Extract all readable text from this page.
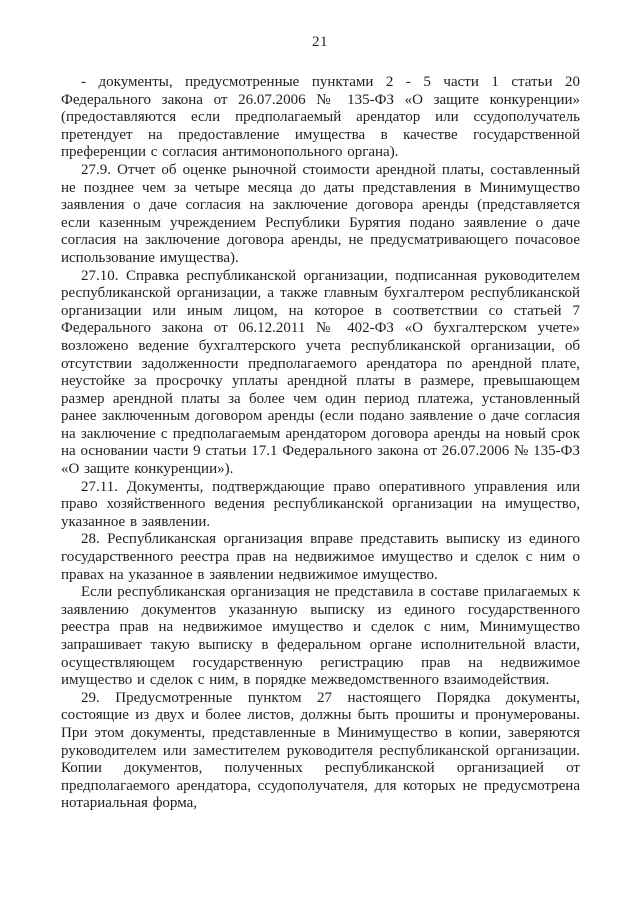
21

- документы, предусмотренные пунктами 2 - 5 части 1 статьи 20 Федерального закона от 26.07.2006 № 135-ФЗ «О защите конкуренции» (предоставляются если предполагаемый арендатор или ссудополучатель претендует на предоставление имущества в качестве государственной преференции с согласия антимонопольного органа).

27.9. Отчет об оценке рыночной стоимости арендной платы, составленный не позднее чем за четыре месяца до даты представления в Минимущество заявления о даче согласия на заключение договора аренды (представляется если казенным учреждением Республики Бурятия подано заявление о даче согласия на заключение договора аренды, не предусматривающего почасовое использование имущества).

27.10. Справка республиканской организации, подписанная руководителем республиканской организации, а также главным бухгалтером республиканской организации или иным лицом, на которое в соответствии со статьей 7 Федерального закона от 06.12.2011 № 402-ФЗ «О бухгалтерском учете» возложено ведение бухгалтерского учета республиканской организации, об отсутствии задолженности предполагаемого арендатора по арендной плате, неустойке за просрочку уплаты арендной платы в размере, превышающем размер арендной платы за более чем один период платежа, установленный ранее заключенным договором аренды (если подано заявление о даче согласия на заключение с предполагаемым арендатором договора аренды на новый срок на основании части 9 статьи 17.1 Федерального закона от 26.07.2006 № 135-ФЗ «О защите конкуренции»).

27.11. Документы, подтверждающие право оперативного управления или право хозяйственного ведения республиканской организации на имущество, указанное в заявлении.

28. Республиканская организация вправе представить выписку из единого государственного реестра прав на недвижимое имущество и сделок с ним о правах на указанное в заявлении недвижимое имущество.

Если республиканская организация не представила в составе прилагаемых к заявлению документов указанную выписку из единого государственного реестра прав на недвижимое имущество и сделок с ним, Минимущество запрашивает такую выписку в федеральном органе исполнительной власти, осуществляющем государственную регистрацию прав на недвижимое имущество и сделок с ним, в порядке межведомственного взаимодействия.

29. Предусмотренные пунктом 27 настоящего Порядка документы, состоящие из двух и более листов, должны быть прошиты и пронумерованы. При этом документы, представленные в Минимущество в копии, заверяются руководителем или заместителем руководителя республиканской организации. Копии документов, полученных республиканской организацией от предполагаемого арендатора, ссудополучателя, для которых не предусмотрена нотариальная форма,
